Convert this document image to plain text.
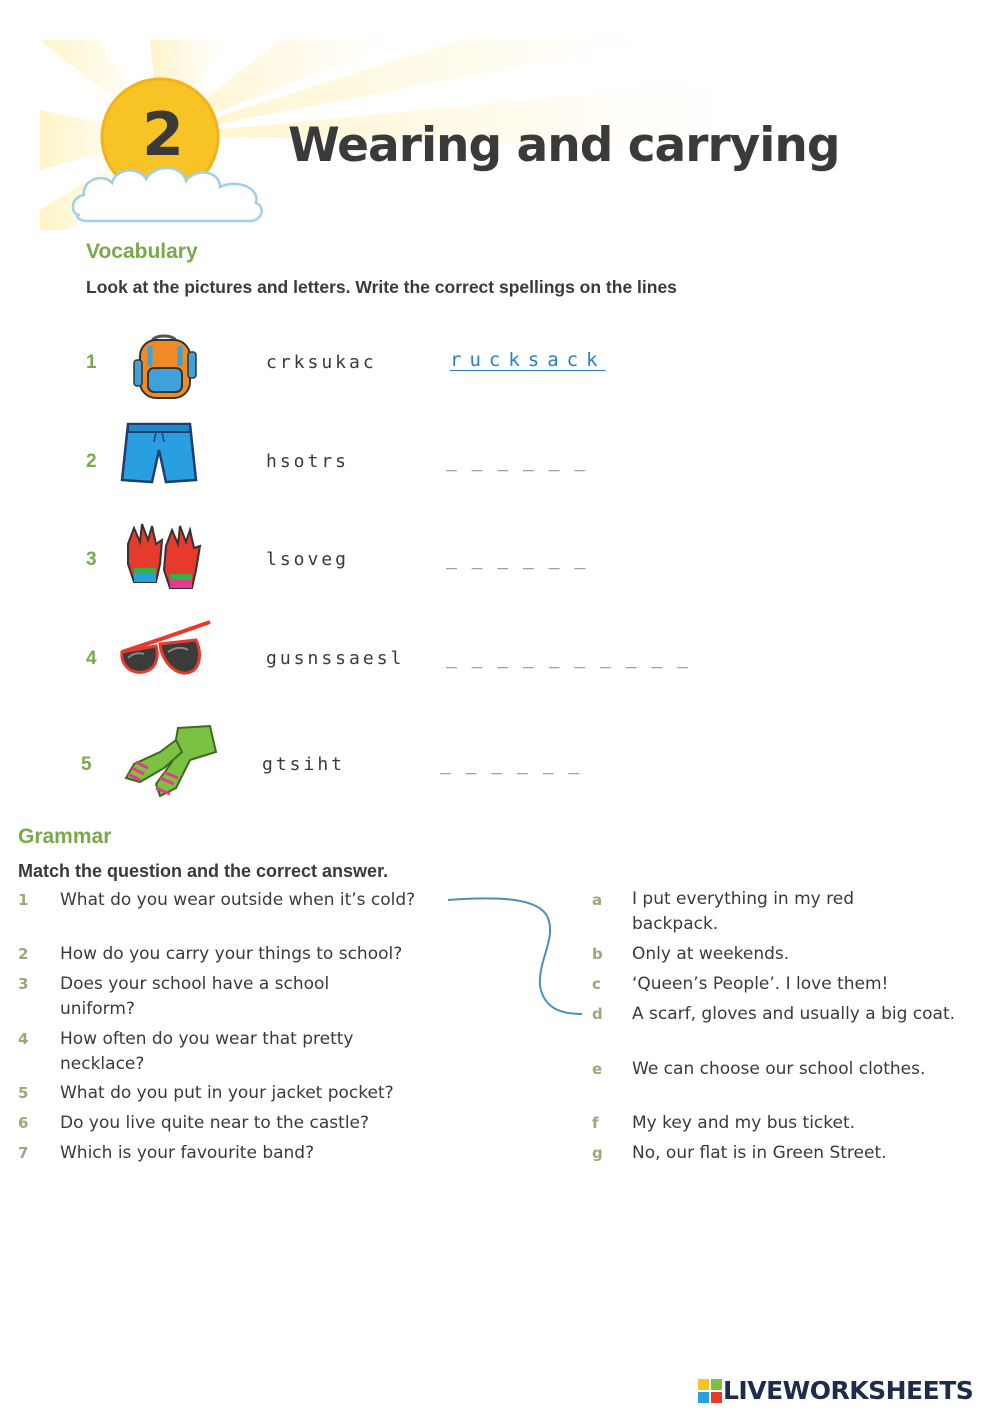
2	Wearing and carrying
Vocabulary
Look at the pictures and letters. Write the correct spellings on the lines
1	crksukac	rucksack
2	hsotrs	_ _ _ _ _ _
3	lsoveg	_ _ _ _ _ _
4	gusnssaesl _ _ _ _ _ _ _ _ _ _
5	gtsiht	_ _ _ _ _ _
Grammar
Match the question and the correct answer.
1 What do you wear outside when it’s cold?
2 How do you carry your things to school?
3 Does your school have a school uniform?
4 How often do you wear that pretty necklace?
5 What do you put in your jacket pocket?
6 Do you live quite near to the castle?
7 Which is your favourite band?
a I put everything in my red backpack.
b Only at weekends.
c ‘Queen’s People’. I love them!
d A scarf, gloves and usually a big coat.
e We can choose our school clothes.
f My key and my bus ticket.
g No, our flat is in Green Street.
LIVEWORKSHEETS
